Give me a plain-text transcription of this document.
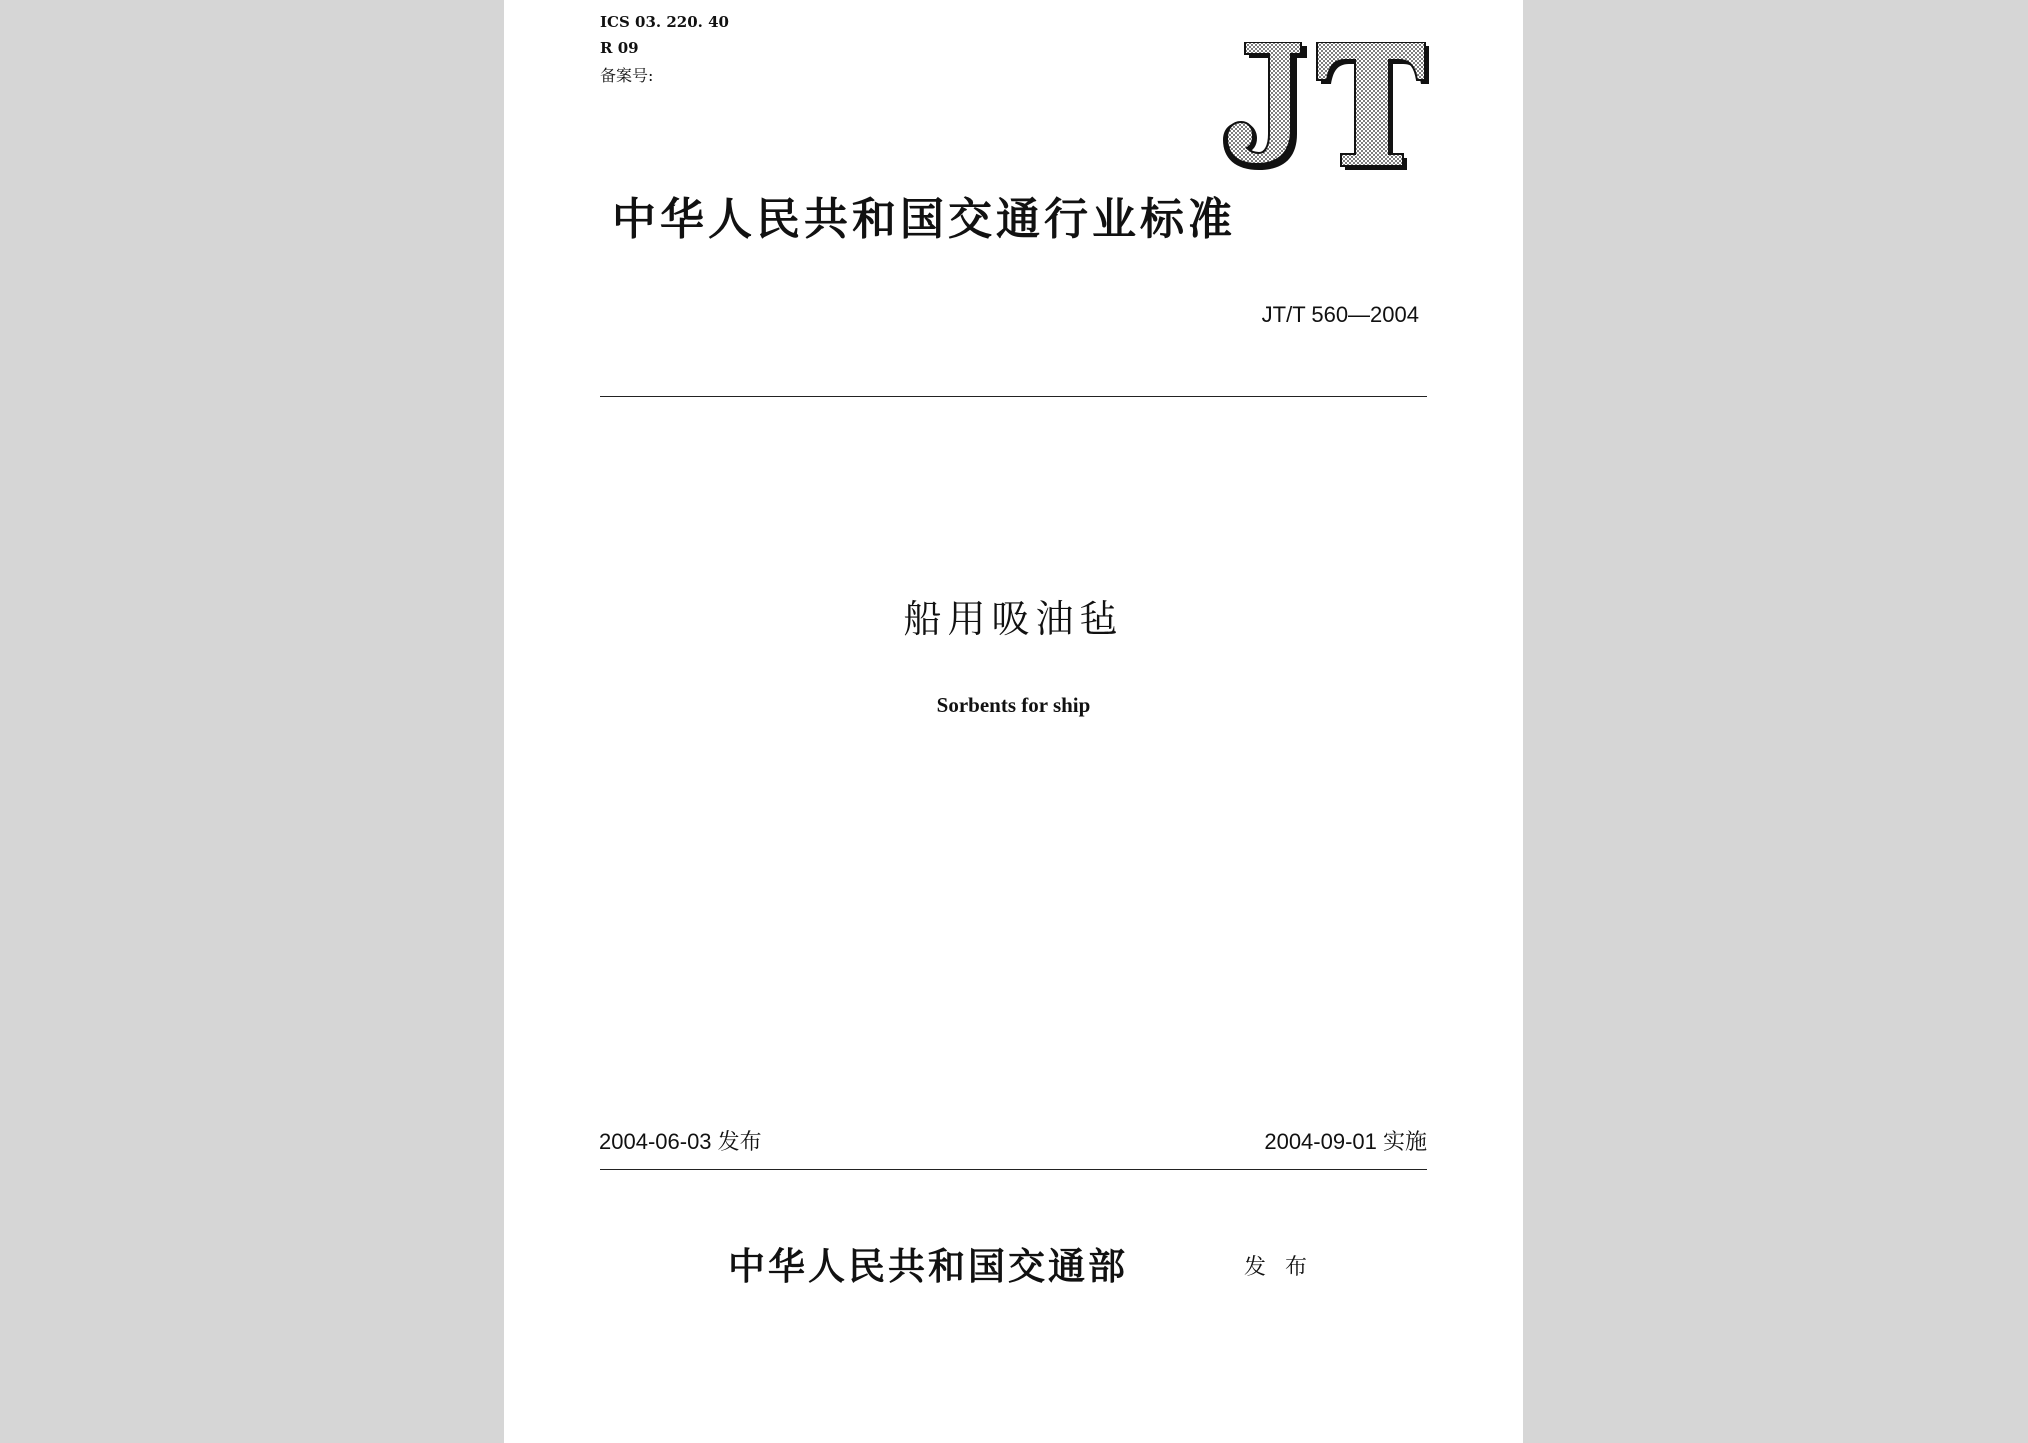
ICS 03. 220. 40
R 09
备案号:
中华人民共和国交通行业标准
JT/T 560—2004
船用吸油毡
Sorbents for ship
2004-06-03 发布	2004-09-01 实施
中华人民共和国交通部	发 布
